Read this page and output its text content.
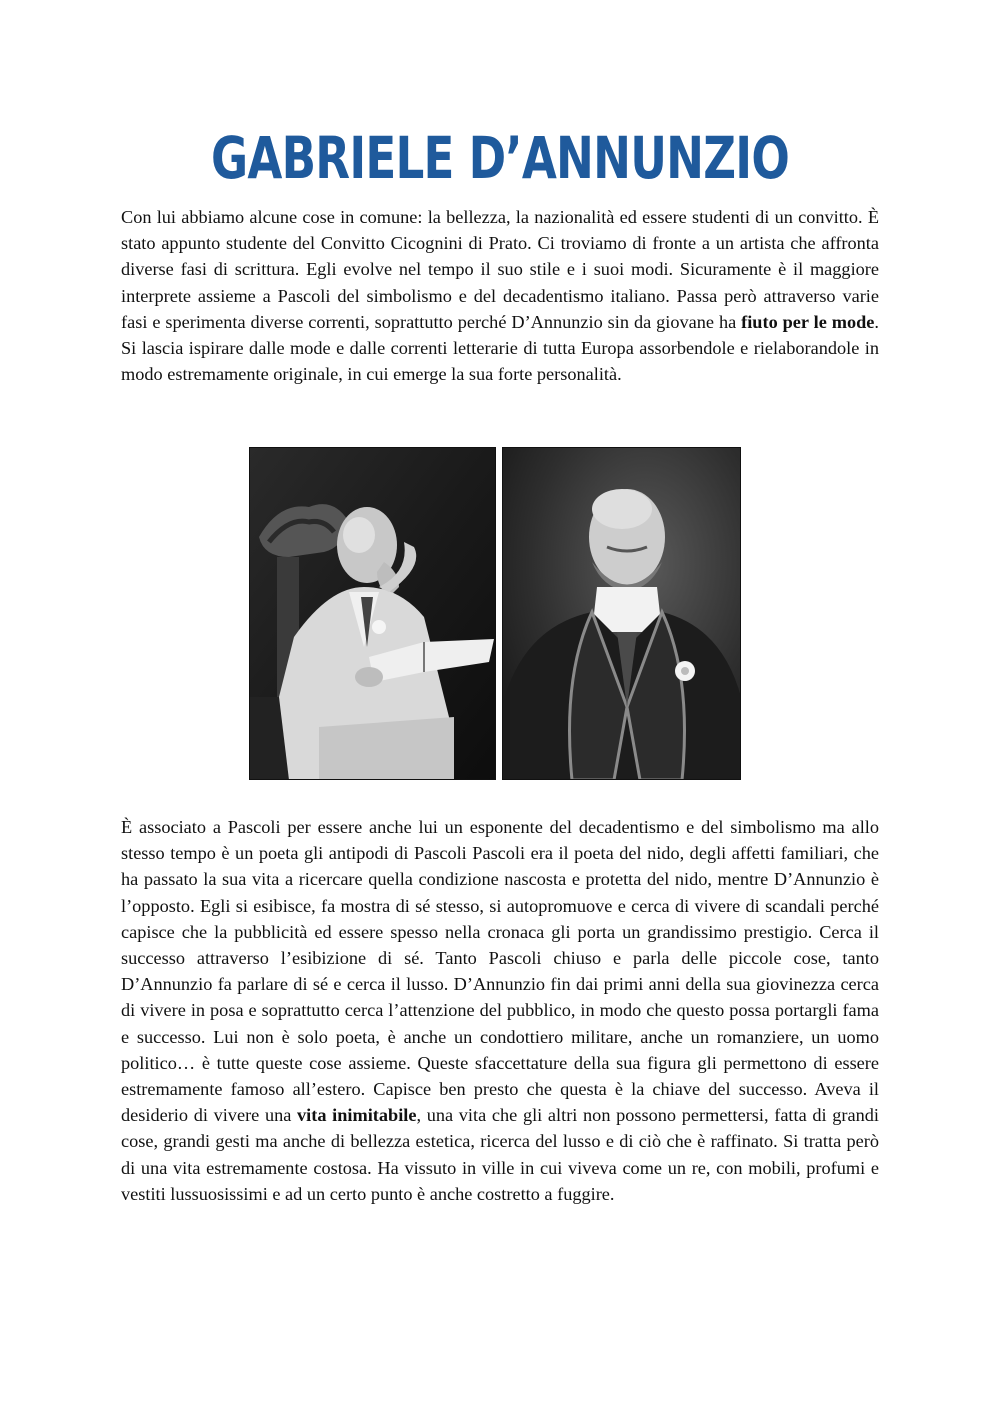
GABRIELE D’ANNUNZIO

Con lui abbiamo alcune cose in comune: la bellezza, la nazionalità ed essere studenti di un convitto. È stato appunto studente del Convitto Cicognini di Prato. Ci troviamo di fronte a un artista che affronta diverse fasi di scrittura. Egli evolve nel tempo il suo stile e i suoi modi. Sicuramente è il maggiore interprete assieme a Pascoli del simbolismo e del decadentismo italiano. Passa però attraverso varie fasi e sperimenta diverse correnti, soprattutto perché D’Annunzio sin da giovane ha fiuto per le mode. Si lascia ispirare dalle mode e dalle correnti letterarie di tutta Europa assorbendole e rielaborandole in modo estremamente originale, in cui emerge la sua forte personalità.

È associato a Pascoli per essere anche lui un esponente del decadentismo e del simbolismo ma allo stesso tempo è un poeta gli antipodi di Pascoli Pascoli era il poeta del nido, degli affetti familiari, che ha passato la sua vita a ricercare quella condizione nascosta e protetta del nido, mentre D’Annunzio è l’opposto. Egli si esibisce, fa mostra di sé stesso, si autopromuove e cerca di vivere di scandali perché capisce che la pubblicità ed essere spesso nella cronaca gli porta un grandissimo prestigio. Cerca il successo attraverso l’esibizione di sé. Tanto Pascoli chiuso e parla delle piccole cose, tanto D’Annunzio fa parlare di sé e cerca il lusso. D’Annunzio fin dai primi anni della sua giovinezza cerca di vivere in posa e soprattutto cerca l’attenzione del pubblico, in modo che questo possa portargli fama e successo. Lui non è solo poeta, è anche un condottiero militare, anche un romanziere, un uomo politico… è tutte queste cose assieme. Queste sfaccettature della sua figura gli permettono di essere estremamente famoso all’estero. Capisce ben presto che questa è la chiave del successo. Aveva il desiderio di vivere una vita inimitabile, una vita che gli altri non possono permettersi, fatta di grandi cose, grandi gesti ma anche di bellezza estetica, ricerca del lusso e di ciò che è raffinato. Si tratta però di una vita estremamente costosa. Ha vissuto in ville in cui viveva come un re, con mobili, profumi e vestiti lussuosissimi e ad un certo punto è anche costretto a fuggire.
